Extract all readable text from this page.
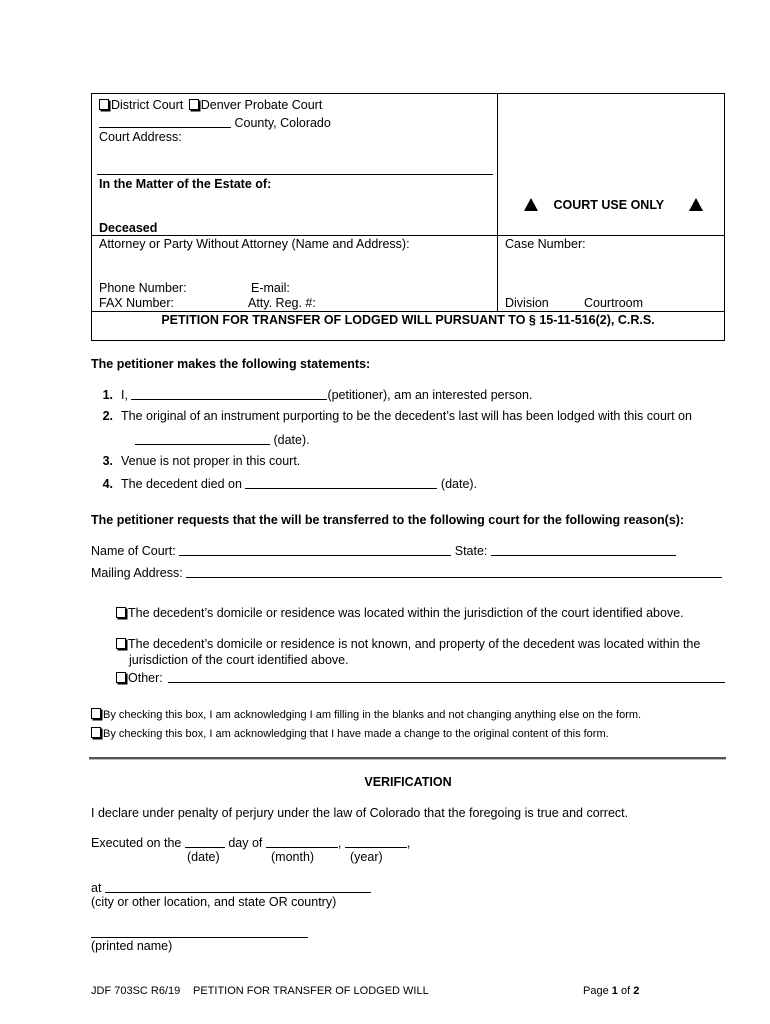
District Court Denver Probate Court
County, Colorado
Court Address:
In the Matter of the Estate of:
Deceased
COURT USE ONLY
Attorney or Party Without Attorney (Name and Address):	Case Number:
Phone Number:	E-mail:
FAX Number:	Atty. Reg. #:	Division	Courtroom
PETITION FOR TRANSFER OF LODGED WILL PURSUANT TO § 15-11-516(2), C.R.S.
The petitioner makes the following statements:
1. I,	(petitioner), am an interested person.
2. The original of an instrument purporting to be the decedent’s last will has been lodged with this court on
(date).
3. Venue is not proper in this court.
4. The decedent died on	(date).
The petitioner requests that the will be transferred to the following court for the following reason(s):
Name of Court:	State:
Mailing Address:
The decedent’s domicile or residence was located within the jurisdiction of the court identified above.
The decedent’s domicile or residence is not known, and property of the decedent was located within the
jurisdiction of the court identified above.
Other:
By checking this box, I am acknowledging I am filling in the blanks and not changing anything else on the form.
By checking this box, I am acknowledging that I have made a change to the original content of this form.
VERIFICATION
I declare under penalty of perjury under the law of Colorado that the foregoing is true and correct.
Executed on the	day of	,	,
(date)	(month)	(year)
at
(city or other location, and state OR country)
(printed name)
JDF 703SC R6/19 PETITION FOR TRANSFER OF LODGED WILL	Page 1 of 2
